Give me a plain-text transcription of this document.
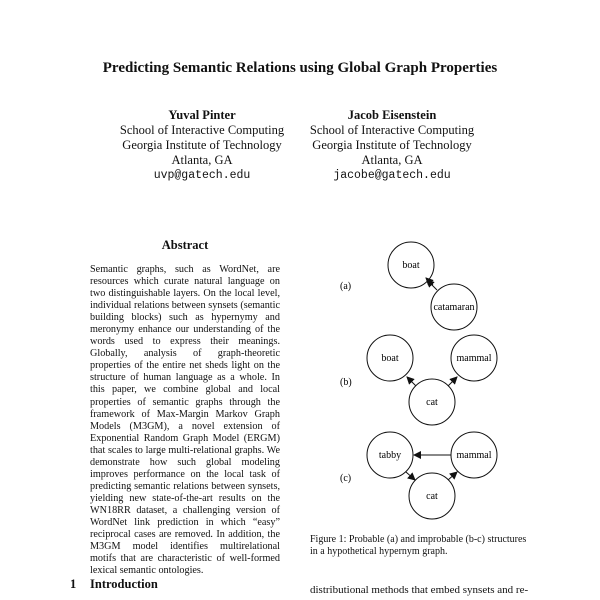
Predicting Semantic Relations using Global Graph Properties
Yuval Pinter
School of Interactive Computing
Georgia Institute of Technology
Atlanta, GA
uvp@gatech.edu
Jacob Eisenstein
School of Interactive Computing
Georgia Institute of Technology
Atlanta, GA
jacobe@gatech.edu
Abstract
Semantic graphs, such as WordNet, are resources which curate natural language on two distinguishable layers. On the local level, individual relations between synsets (semantic building blocks) such as hypernymy and meronymy enhance our understanding of the words used to express their meanings. Globally, analysis of graph-theoretic properties of the entire net sheds light on the structure of human language as a whole. In this paper, we combine global and local properties of semantic graphs through the framework of Max-Margin Markov Graph Models (M3GM), a novel extension of Exponential Random Graph Model (ERGM) that scales to large multi-relational graphs. We demonstrate how such global modeling improves performance on the local task of predicting semantic relations between synsets, yielding new state-of-the-art results on the WN18RR dataset, a challenging version of WordNet link prediction in which “easy” reciprocal cases are removed. In addition, the M3GM model identifies multirelational motifs that are characteristic of well-formed lexical semantic ontologies.
1 Introduction	distributional methods that embed synsets and re-
(a)
boat
catamaran
(b)
boat	mammal
cat
(c)
tabby	mammal
cat
Figure 1: Probable (a) and improbable (b-c) structures in a hypothetical hypernym graph.
